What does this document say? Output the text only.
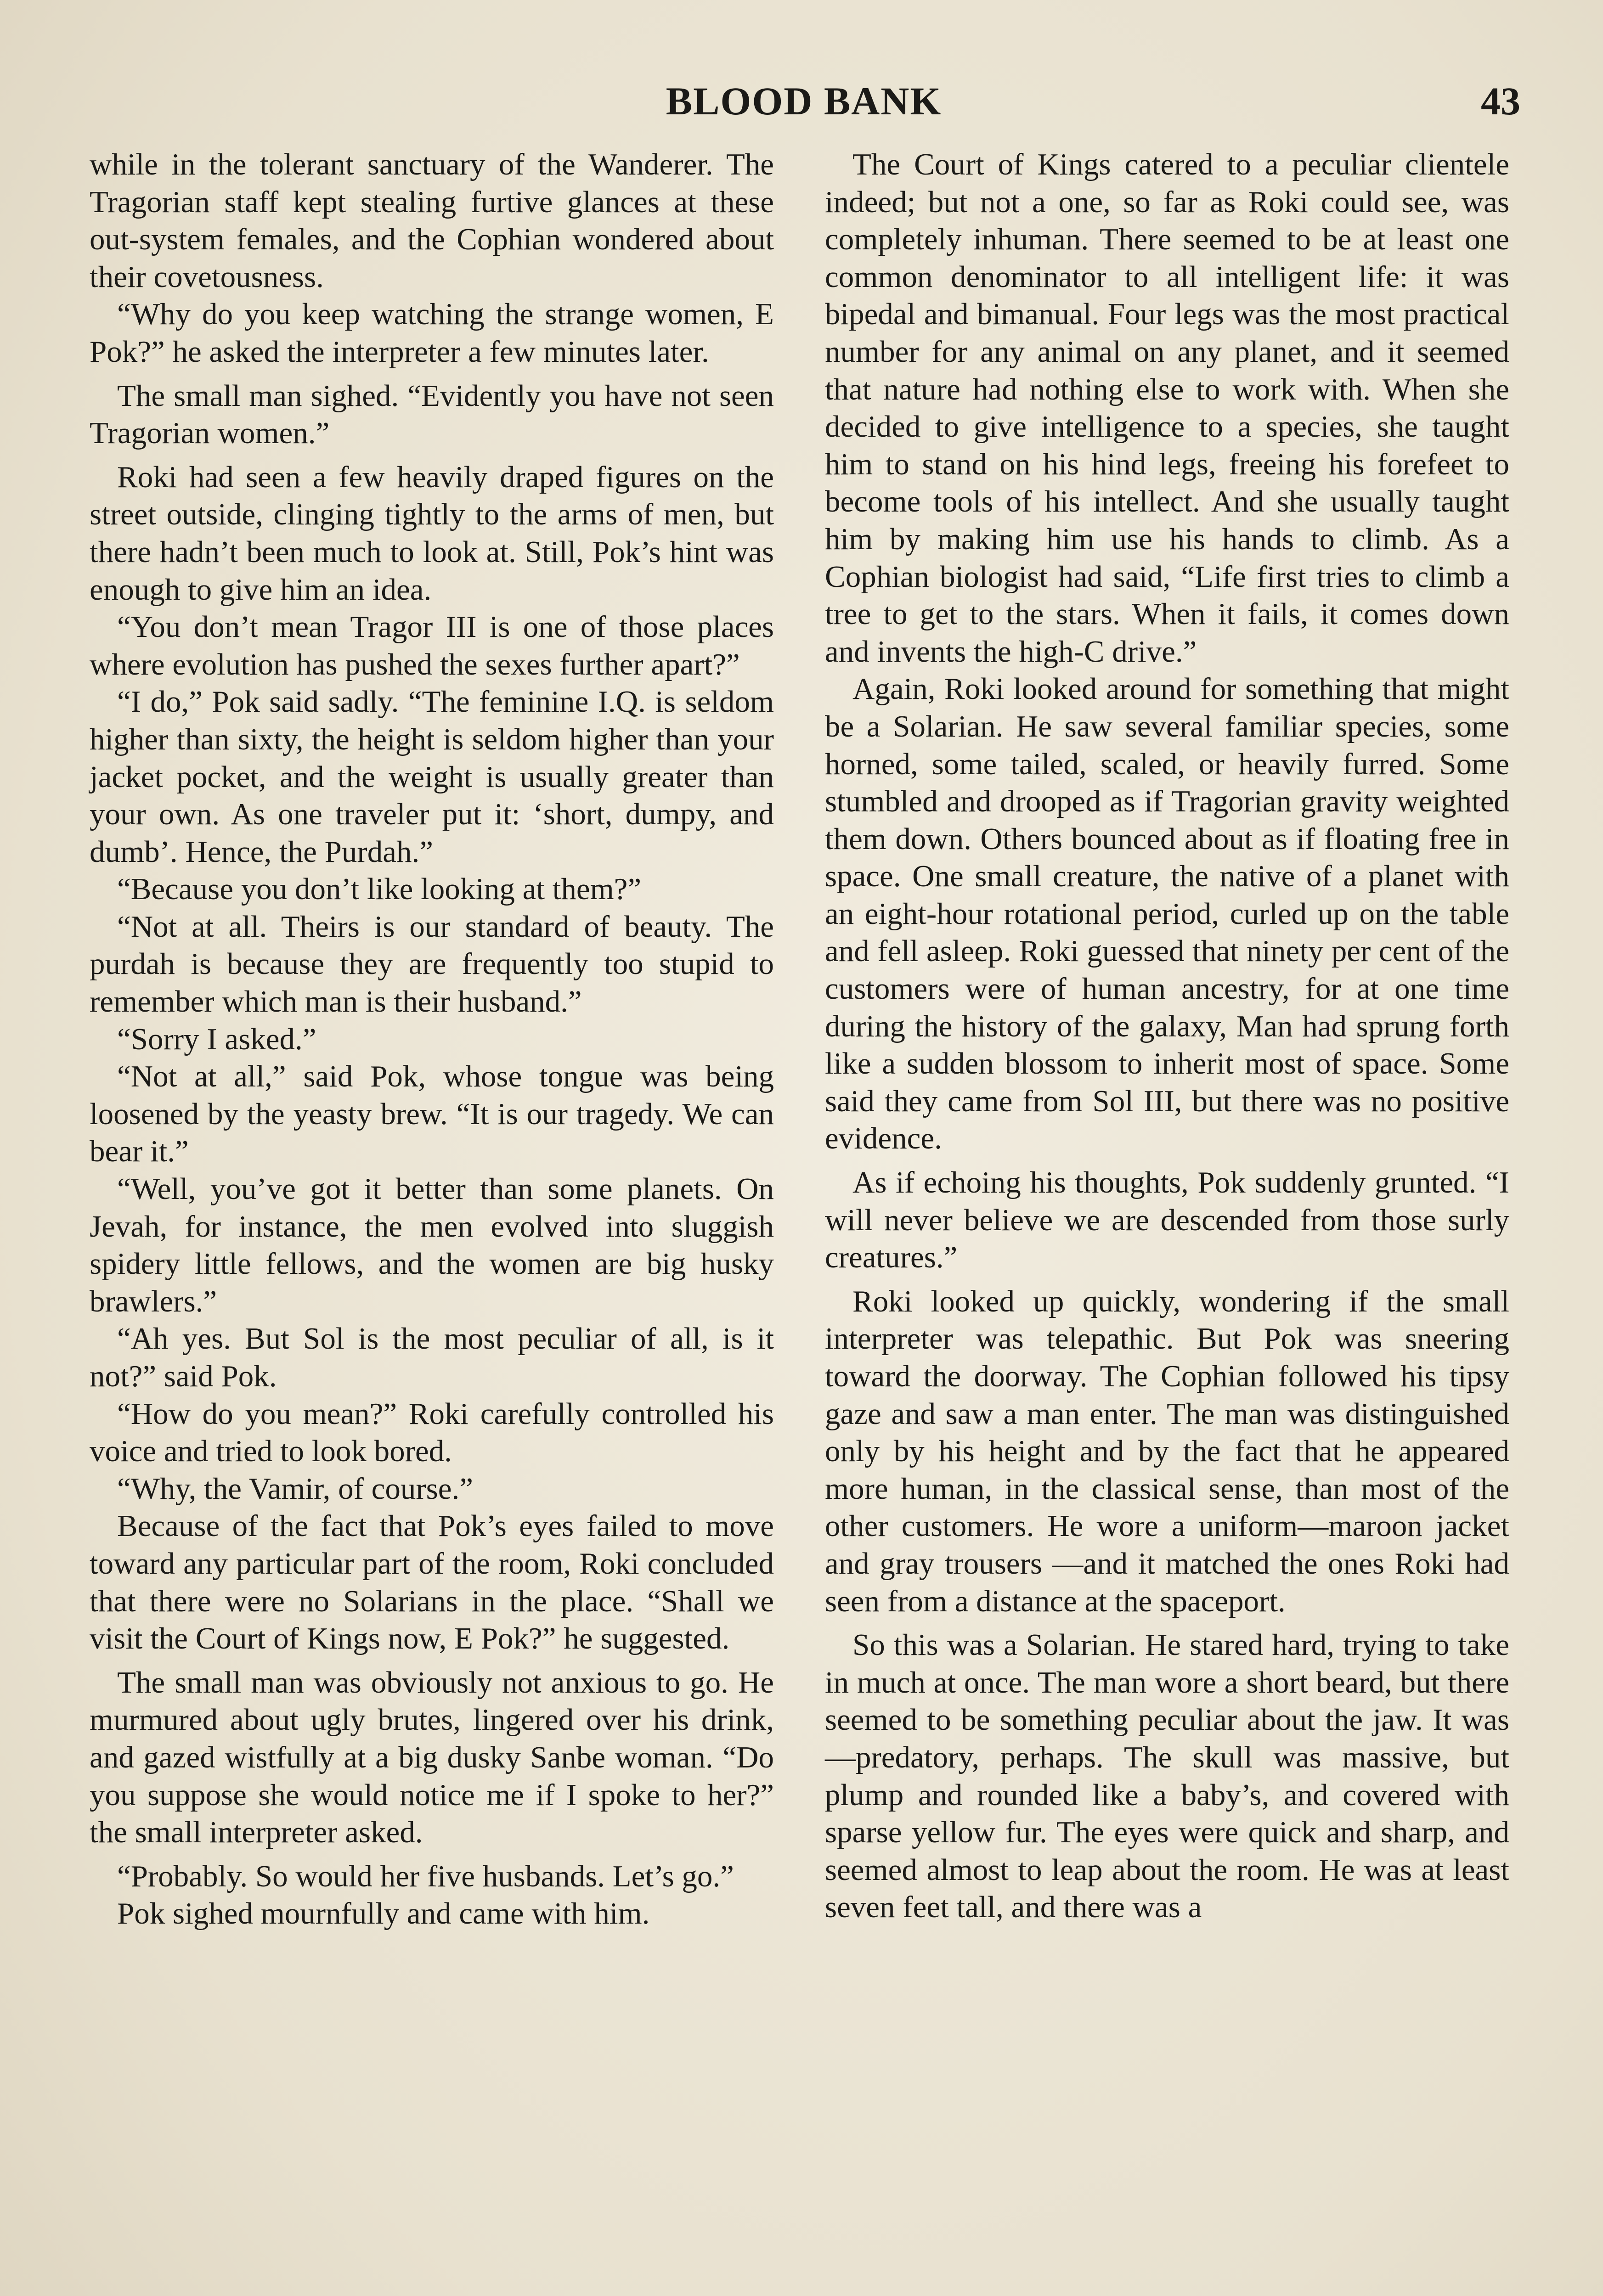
BLOOD BANK	43

while in the tolerant sanctuary of the Wanderer. The Tragorian staff kept stealing furtive glances at these out-system females, and the Cophian wondered about their covetousness.

“Why do you keep watching the strange women, E Pok?” he asked the interpreter a few minutes later.

The small man sighed. “Evidently you have not seen Tragorian women.”

Roki had seen a few heavily draped figures on the street outside, clinging tightly to the arms of men, but there hadn’t been much to look at. Still, Pok’s hint was enough to give him an idea.

“You don’t mean Tragor III is one of those places where evolution has pushed the sexes further apart?”

“I do,” Pok said sadly. “The feminine I.Q. is seldom higher than sixty, the height is seldom higher than your jacket pocket, and the weight is usually greater than your own. As one traveler put it: ‘short, dumpy, and dumb’. Hence, the Purdah.”

“Because you don’t like looking at them?”

“Not at all. Theirs is our standard of beauty. The purdah is because they are frequently too stupid to remember which man is their husband.”

“Sorry I asked.”

“Not at all,” said Pok, whose tongue was being loosened by the yeasty brew. “It is our tragedy. We can bear it.”

“Well, you’ve got it better than some planets. On Jevah, for instance, the men evolved into sluggish spidery little fellows, and the women are big husky brawlers.”

“Ah yes. But Sol is the most peculiar of all, is it not?” said Pok.

“How do you mean?” Roki carefully controlled his voice and tried to look bored.

“Why, the Vamir, of course.”

Because of the fact that Pok’s eyes failed to move toward any particular part of the room, Roki concluded that there were no Solarians in the place. “Shall we visit the Court of Kings now, E Pok?” he suggested.

The small man was obviously not anxious to go. He murmured about ugly brutes, lingered over his drink, and gazed wistfully at a big dusky Sanbe woman. “Do you suppose she would notice me if I spoke to her?” the small interpreter asked.

“Probably. So would her five husbands. Let’s go.”

Pok sighed mournfully and came with him.

The Court of Kings catered to a peculiar clientele indeed; but not a one, so far as Roki could see, was completely inhuman. There seemed to be at least one common denominator to all intelligent life: it was bipedal and bimanual. Four legs was the most practical number for any animal on any planet, and it seemed that nature had nothing else to work with. When she decided to give intelligence to a species, she taught him to stand on his hind legs, freeing his forefeet to become tools of his intellect. And she usually taught him by making him use his hands to climb. As a Cophian biologist had said, “Life first tries to climb a tree to get to the stars. When it fails, it comes down and invents the high-C drive.”

Again, Roki looked around for something that might be a Solarian. He saw several familiar species, some horned, some tailed, scaled, or heavily furred. Some stumbled and drooped as if Tragorian gravity weighted them down. Others bounced about as if floating free in space. One small creature, the native of a planet with an eight-hour rotational period, curled up on the table and fell asleep. Roki guessed that ninety per cent of the customers were of human ancestry, for at one time during the history of the galaxy, Man had sprung forth like a sudden blossom to inherit most of space. Some said they came from Sol III, but there was no positive evidence.

As if echoing his thoughts, Pok suddenly grunted. “I will never believe we are descended from those surly creatures.”

Roki looked up quickly, wondering if the small interpreter was telepathic. But Pok was sneering toward the doorway. The Cophian followed his tipsy gaze and saw a man enter. The man was distinguished only by his height and by the fact that he appeared more human, in the classical sense, than most of the other customers. He wore a uniform—maroon jacket and gray trousers —and it matched the ones Roki had seen from a distance at the spaceport.

So this was a Solarian. He stared hard, trying to take in much at once. The man wore a short beard, but there seemed to be something peculiar about the jaw. It was —predatory, perhaps. The skull was massive, but plump and rounded like a baby’s, and covered with sparse yellow fur. The eyes were quick and sharp, and seemed almost to leap about the room. He was at least seven feet tall, and there was a
